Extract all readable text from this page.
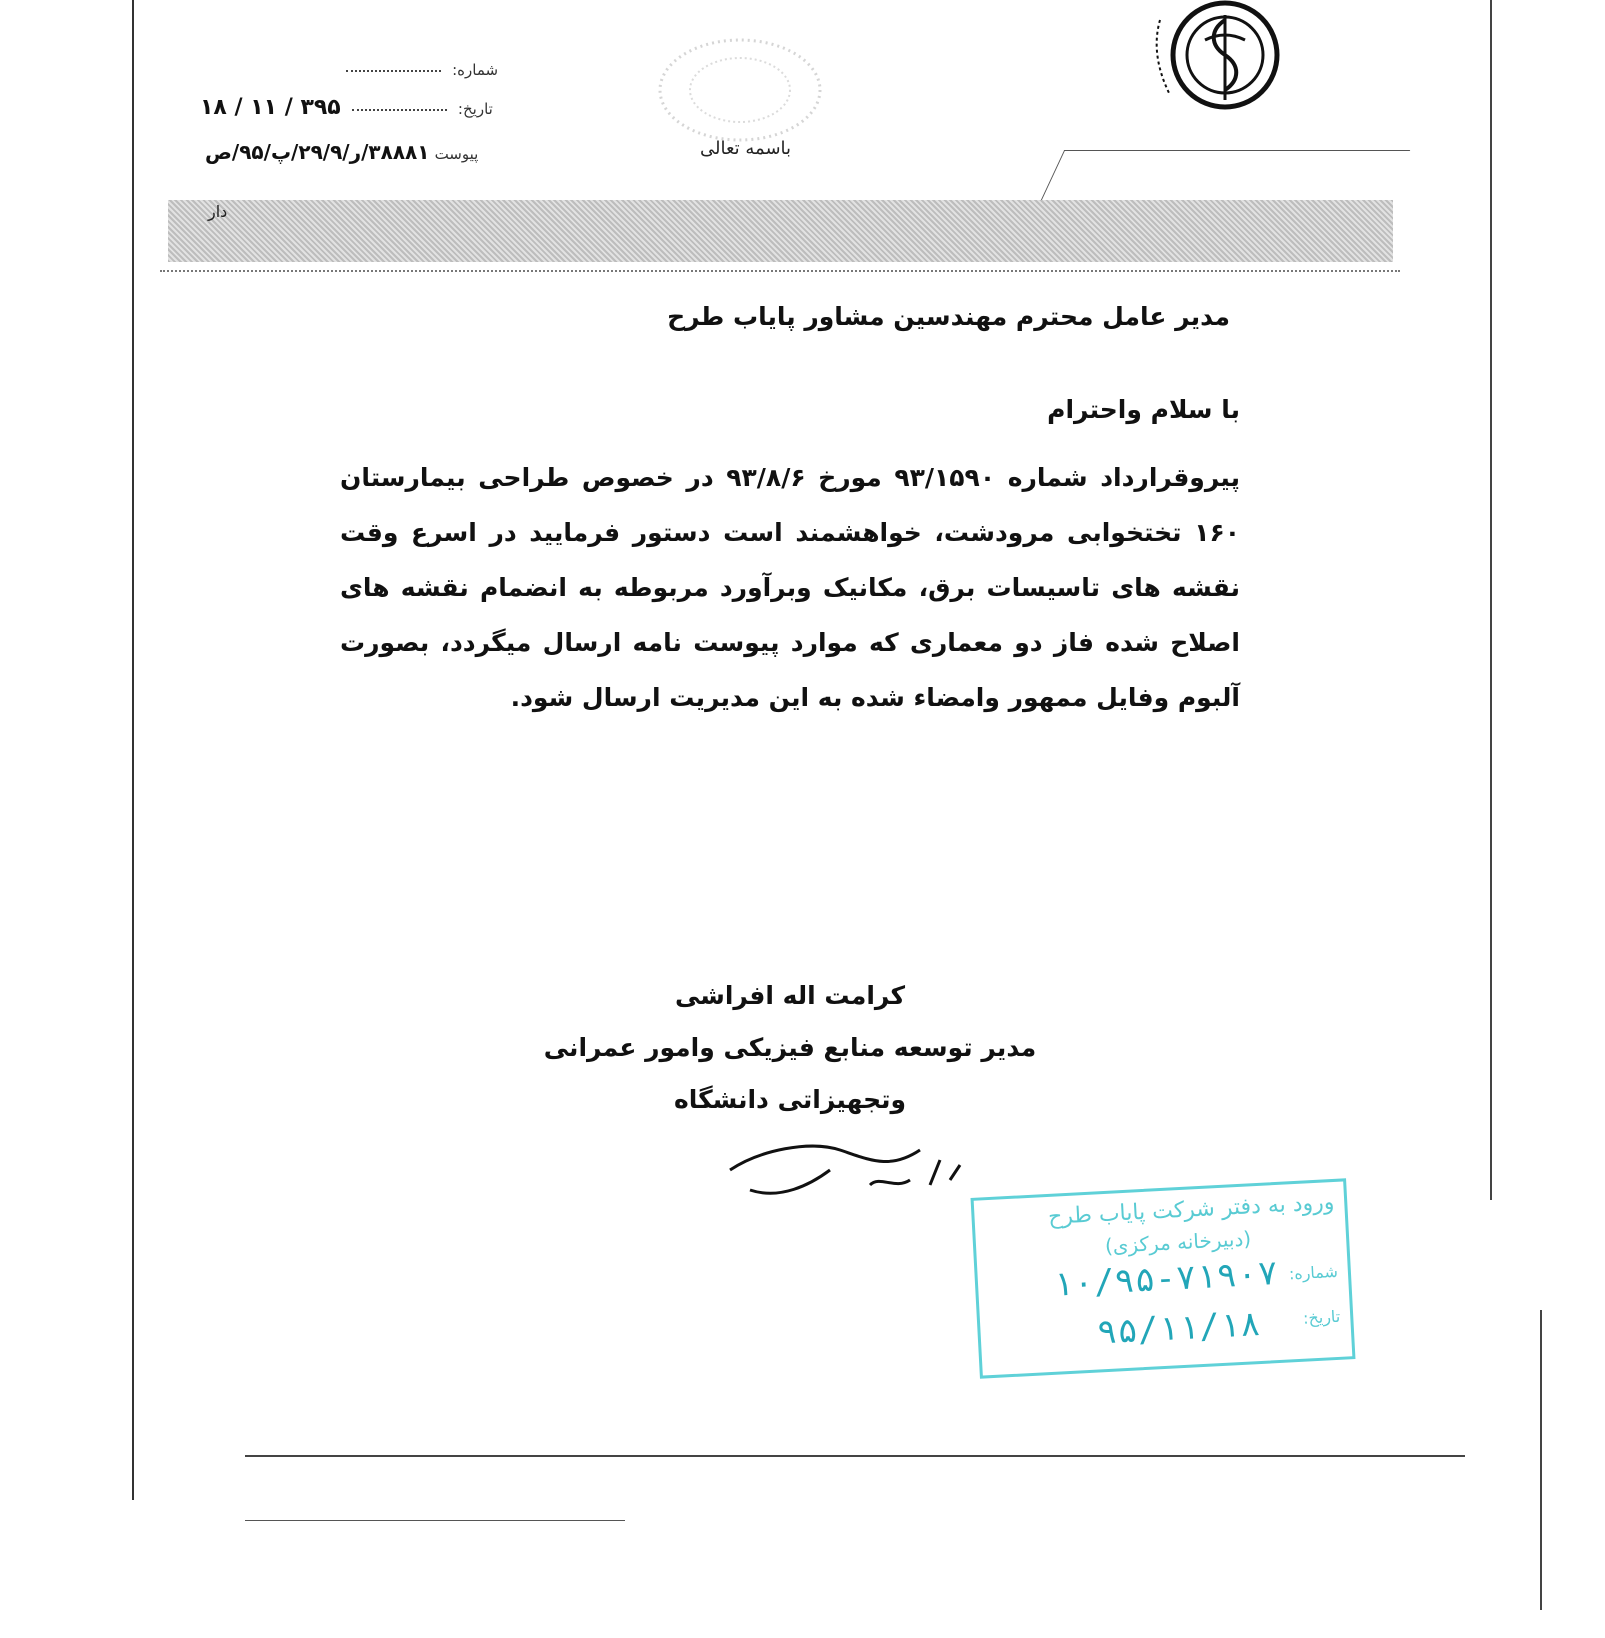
شماره:
تاریخ:  ۳۹۵ / ۱۱ / ۱۸
پیوست ۳۸۸۸۱/ر/۲۹/۹/پ/۹۵/ص	باسمه تعالی
دار
مدیر عامل محترم مهندسین مشاور پایاب طرح
با سلام واحترام
پیروقرارداد شماره ۹۳/۱۵۹۰ مورخ ۹۳/۸/۶ در خصوص طراحی بیمارستان ۱۶۰ تختخوابی مرودشت، خواهشمند است دستور فرمایید در اسرع وقت نقشه های تاسیسات برق، مکانیک وبرآورد مربوطه به انضمام نقشه های اصلاح شده فاز دو معماری که موارد پیوست نامه ارسال میگردد، بصورت آلبوم وفایل ممهور وامضاء شده به این مدیریت ارسال شود.
کرامت اله افراشی
مدیر توسعه منابع فیزیکی وامور عمرانی
وتجهیزاتی دانشگاه
ورود به دفتر شرکت پایاب طرح
(دبیرخانه مرکزی)
شماره:
تاریخ:
۱۰/۹۵-۷۱۹۰۷
۹۵/۱۱/۱۸
